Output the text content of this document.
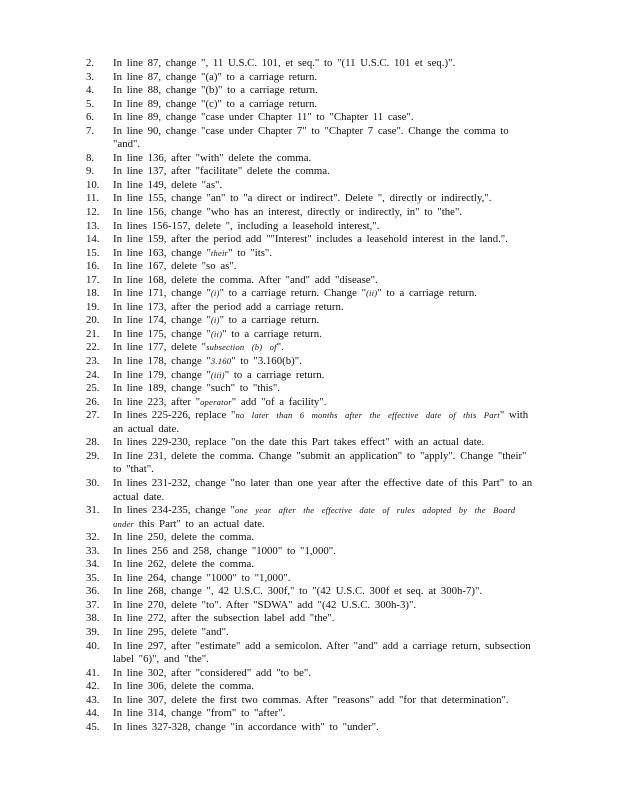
2.	In line 87, change ", 11 U.S.C. 101, et seq." to "(11 U.S.C. 101 et seq.)".
3.	In line 87, change "(a)" to a carriage return.
4.	In line 88, change "(b)" to a carriage return.
5.	In line 89, change "(c)" to a carriage return.
6.	In line 89, change "case under Chapter 11" to "Chapter 11 case".
7.	In line 90, change "case under Chapter 7" to "Chapter 7 case". Change the comma to "and".
8.	In line 136, after "with" delete the comma.
9.	In line 137, after "facilitate" delete the comma.
10.	In line 149, delete "as".
11.	In line 155, change "an" to "a direct or indirect". Delete ", directly or indirectly,".
12.	In line 156, change "who has an interest, directly or indirectly, in" to "the".
13.	In lines 156-157, delete ", including a leasehold interest,".
14.	In line 159, after the period add ""Interest" includes a leasehold interest in the land.".
15.	In line 163, change "their" to "its".
16.	In line 167, delete "so as".
17.	In line 168, delete the comma. After "and" add "disease".
18.	In line 171, change "(i)" to a carriage return. Change "(ii)" to a carriage return.
19.	In line 173, after the period add a carriage return.
20.	In line 174, change "(i)" to a carriage return.
21.	In line 175, change "(ii)" to a carriage return.
22.	In line 177, delete "subsection (b) of".
23.	In line 178, change "3.160" to "3.160(b)".
24.	In line 179, change "(iii)" to a carriage return.
25.	In line 189, change "such" to "this".
26.	In line 223, after "operator" add "of a facility".
27.	In lines 225-226, replace "no later than 6 months after the effective date of this Part" with an actual date.
28.	In lines 229-230, replace "on the date this Part takes effect" with an actual date.
29.	In line 231, delete the comma. Change "submit an application" to "apply". Change "their" to "that".
30.	In lines 231-232, change "no later than one year after the effective date of this Part" to an actual date.
31.	In lines 234-235, change "one year after the effective date of rules adopted by the Board under this Part" to an actual date.
32.	In line 250, delete the comma.
33.	In lines 256 and 258, change "1000" to "1,000".
34.	In line 262, delete the comma.
35.	In line 264, change "1000" to "1,000".
36.	In line 268, change ", 42 U.S.C. 300f," to "(42 U.S.C. 300f et seq. at 300h-7)".
37.	In line 270, delete "to". After "SDWA" add "(42 U.S.C. 300h-3)".
38.	In line 272, after the subsection label add "the".
39.	In line 295, delete "and".
40.	In line 297, after "estimate" add a semicolon. After "and" add a carriage return, subsection label "6)", and "the".
41.	In line 302, after "considered" add "to be".
42.	In line 306, delete the comma.
43.	In line 307, delete the first two commas. After "reasons" add "for that determination".
44.	In line 314, change "from" to "after".
45.	In lines 327-328, change "in accordance with" to "under".
